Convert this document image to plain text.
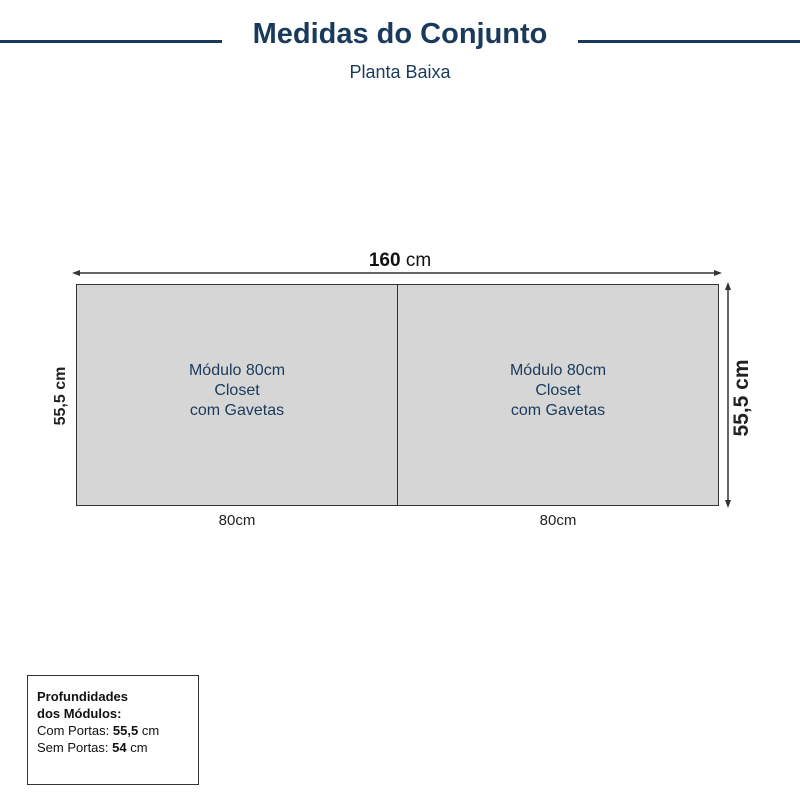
Medidas do Conjunto
Planta Baixa
160 cm
Módulo 80cm
Closet
com Gavetas
Módulo 80cm
Closet
com Gavetas
80cm	80cm
55,5 cm	55,5 cm
Profundidades
dos Módulos:
Com Portas: 55,5 cm
Sem Portas: 54 cm
